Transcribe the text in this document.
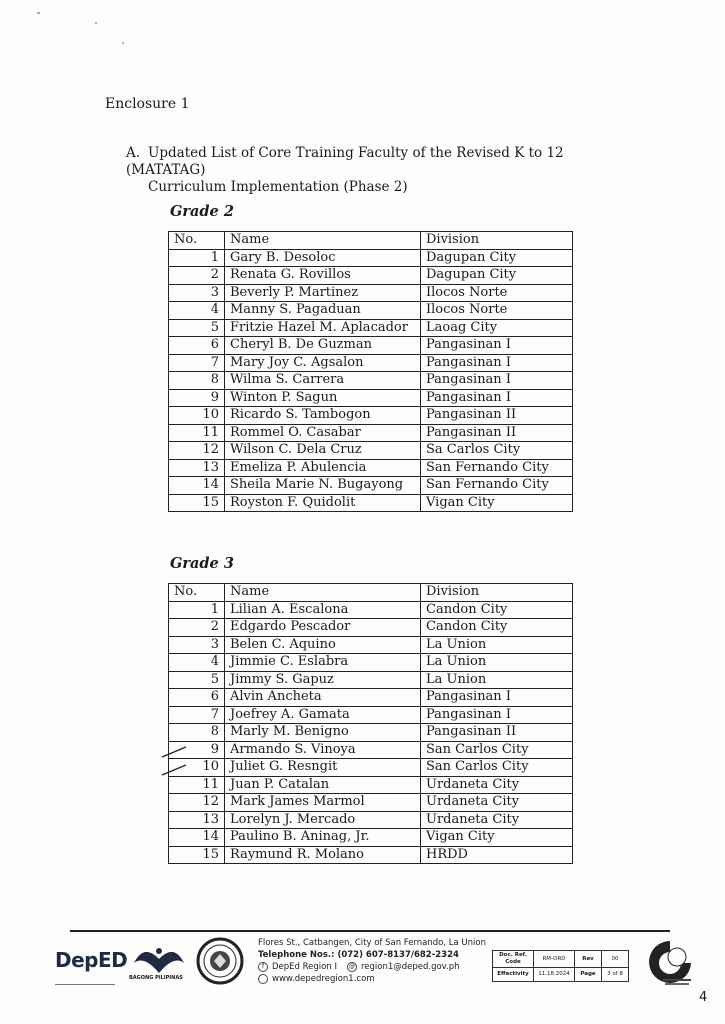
Enclosure 1
A. Updated List of Core Training Faculty of the Revised K to 12 (MATATAG)
Curriculum Implementation (Phase 2)
Grade 2
No.	Name	Division
1	Gary B. Desoloc	Dagupan City
2	Renata G. Rovillos	Dagupan City
3	Beverly P. Martinez	Ilocos Norte
4	Manny S. Pagaduan	Ilocos Norte
5	Fritzie Hazel M. Aplacador	Laoag City
6	Cheryl B. De Guzman	Pangasinan I
7	Mary Joy C. Agsalon	Pangasinan I
8	Wilma S. Carrera	Pangasinan I
9	Winton P. Sagun	Pangasinan I
10	Ricardo S. Tambogon	Pangasinan II
11	Rommel O. Casabar	Pangasinan II
12	Wilson C. Dela Cruz	Sa Carlos City
13	Emeliza P. Abulencia	San Fernando City
14	Sheila Marie N. Bugayong	San Fernando City
15	Royston F. Quidolit	Vigan City
Grade 3
No.	Name	Division
1	Lilian A. Escalona	Candon City
2	Edgardo Pescador	Candon City
3	Belen C. Aquino	La Union
4	Jimmie C. Eslabra	La Union
5	Jimmy S. Gapuz	La Union
6	Alvin Ancheta	Pangasinan I
7	Joefrey A. Gamata	Pangasinan I
8	Marly M. Benigno	Pangasinan II
9	Armando S. Vinoya	San Carlos City
10	Juliet G. Resngit	San Carlos City
11	Juan P. Catalan	Urdaneta City
12	Mark James Marmol	Urdaneta City
13	Lorelyn J. Mercado	Urdaneta City
14	Paulino B. Aninag, Jr.	Vigan City
15	Raymund R. Molano	HRDD
DepED
BAGONG PILIPINAS
Flores St., Catbangen, City of San Fernando, La Union
Telephone Nos.: (072) 607-8137/682-2324
f DepEd Region I	@ region1@deped.gov.ph
www.depedregion1.com
Doc. Ref. Code	RM-ORD	Rev	00
Effectivity	11.18.2024	Page	3 of 8
4
